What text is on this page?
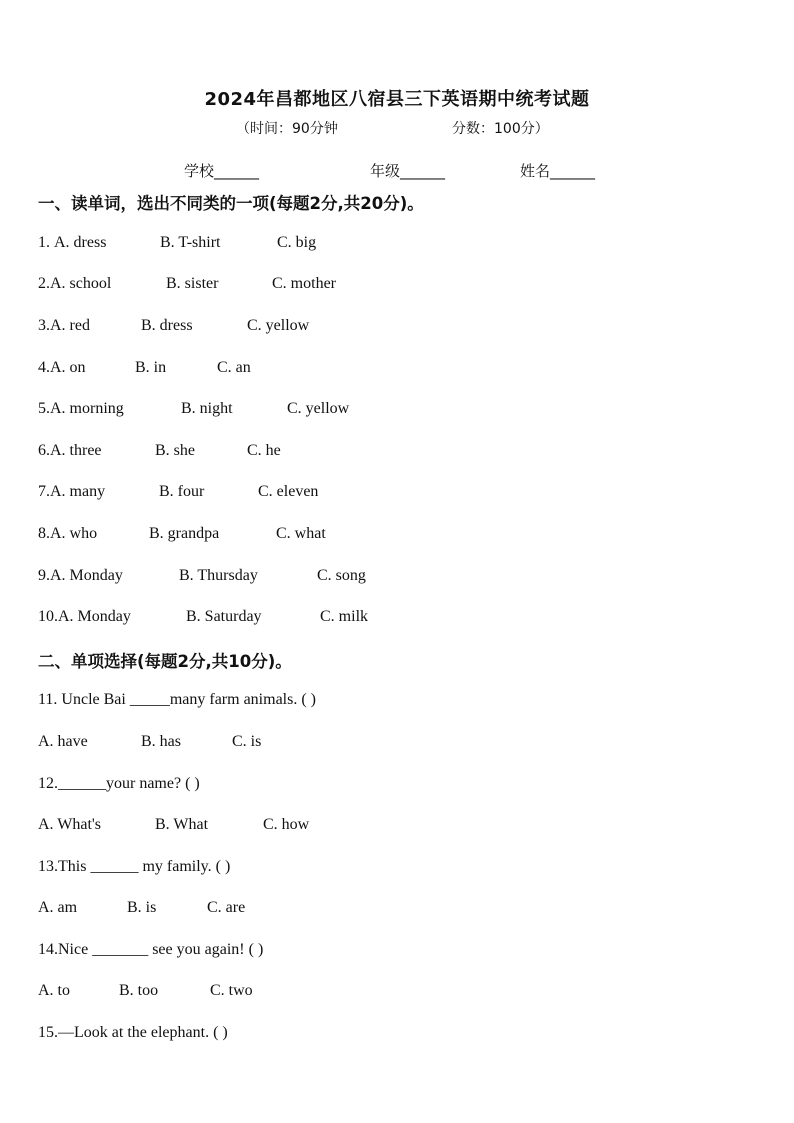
2024年昌都地区八宿县三下英语期中统考试题
（时间：90分钟	分数：100分）
学校______	年级______	姓名______
一、读单词，选出不同类的一项(每题2分,共20分)。
1. A. dress	B. T-shirt	C. big
2.A. school	B. sister	C. mother
3.A. red	B. dress	C. yellow
4.A. on	B. in	C. an
5.A. morning	B. night	C. yellow
6.A. three	B. she	C. he
7.A. many	B. four	C. eleven
8.A. who	B. grandpa	C. what
9.A. Monday	B. Thursday	C. song
10.A. Monday	B. Saturday	C. milk
二、单项选择(每题2分,共10分)。
11. Uncle Bai _____many farm animals. ( )
A. have	B. has	C. is
12.______your name? ( )
A. What's	B. What	C. how
13.This ______ my family. ( )
A. am	B. is	C. are
14.Nice _______ see you again! ( )
A. to	B. too	C. two
15.—Look at the elephant. ( )
